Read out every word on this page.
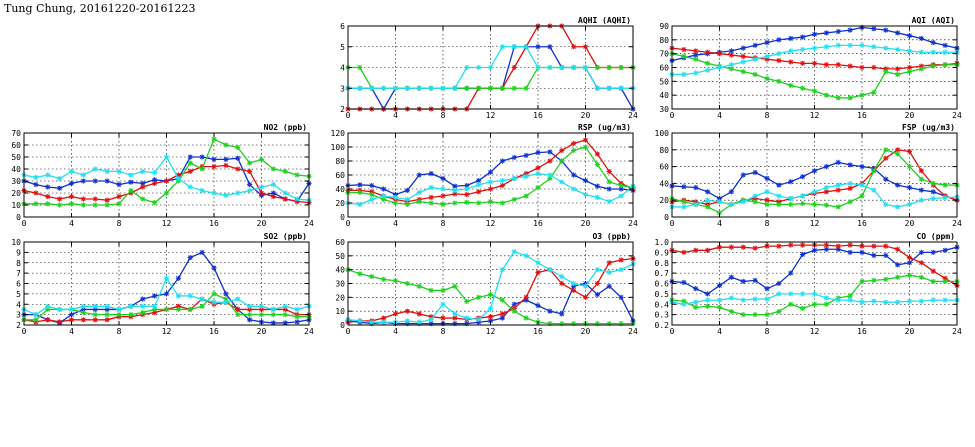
Tung Chung, 20161220-20161223
0	4	8	12	16	20	24
2
3
4
5
6
AQHI (AQHI)
0	4	8	12	16	20	24
30
40
50
60
70
80
90
AQI (AQI)
0	4	8	12	16	20	24
0
10
20
30
40
50
60
70
NO2 (ppb)
0	4	8	12	16	20	24
0
20
40
60
80
100
120
RSP (ug/m3)
0	4	8	12	16	20	24
0
20
40
60
80
100
FSP (ug/m3)
0	4	8	12	16	20	24
2
3
4
5
6
7
8
9
10
SO2 (ppb)
0	4	8	12	16	20	24
0
10
20
30
40
50
60
O3 (ppb)
0	4	8	12	16	20	24
0.2
0.3
0.4
0.5
0.6
0.7
0.8
0.9
1.0
CO (ppm)
